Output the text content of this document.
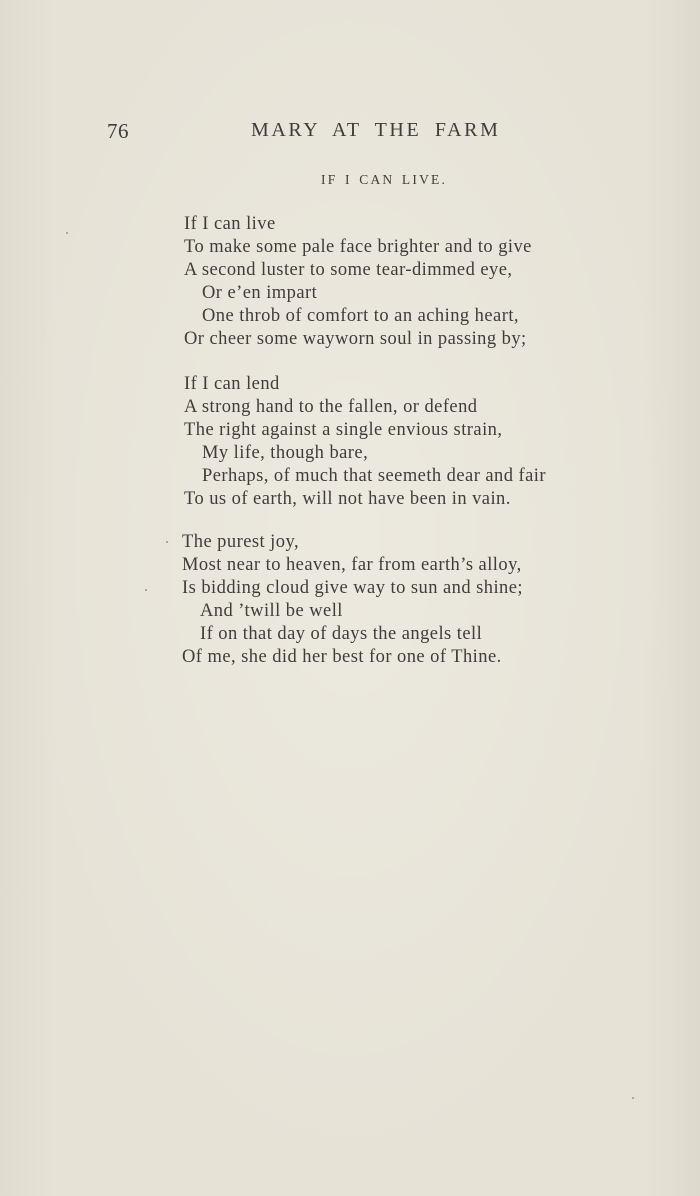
76	MARY AT THE FARM
IF I CAN LIVE.
If I can live
To make some pale face brighter and to give
A second luster to some tear-dimmed eye,
Or e’en impart
One throb of comfort to an aching heart,
Or cheer some wayworn soul in passing by;
If I can lend
A strong hand to the fallen, or defend
The right against a single envious strain,
My life, though bare,
Perhaps, of much that seemeth dear and fair
To us of earth, will not have been in vain.
The purest joy,
Most near to heaven, far from earth’s alloy,
Is bidding cloud give way to sun and shine;
And ’twill be well
If on that day of days the angels tell
Of me, she did her best for one of Thine.
